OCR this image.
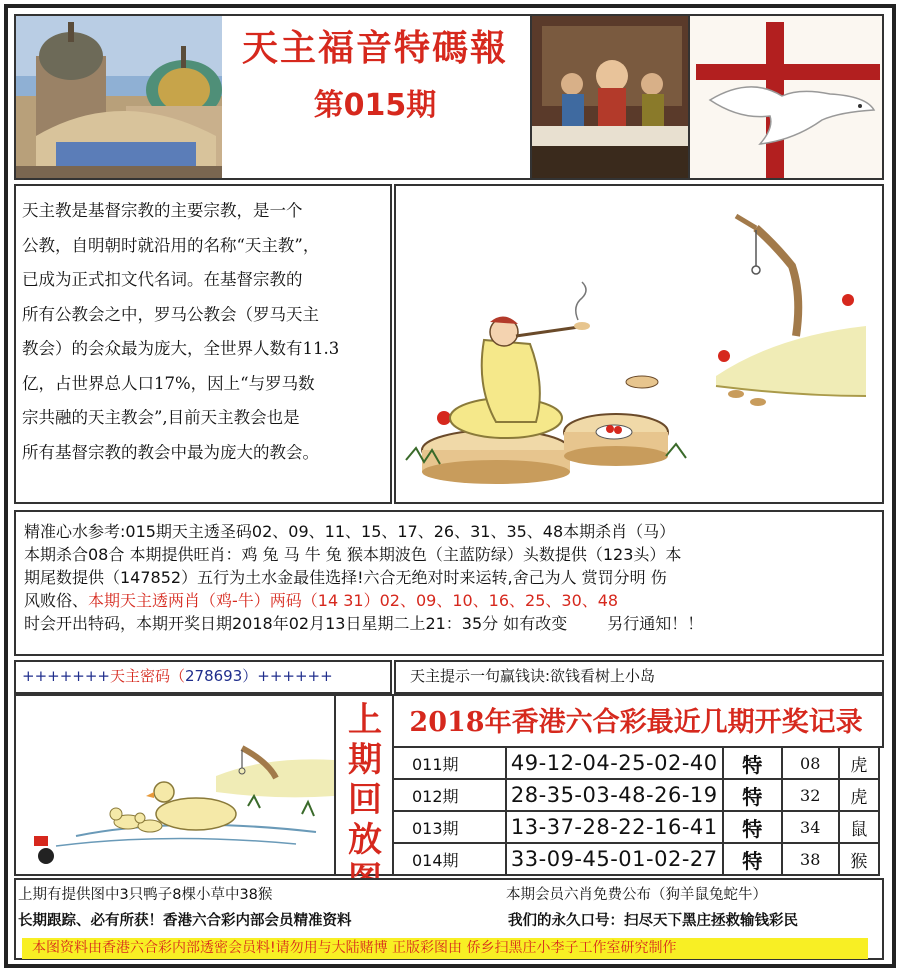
天主福音特碼報
第015期
天主教是基督宗教的主要宗教，是一个
公教，自明朝时就沿用的名称“天主教”，
已成为正式扣文代名词。在基督宗教的
所有公教会之中，罗马公教会（罗马天主
教会）的会众最为庞大，全世界人数有11.3
亿，占世界总人口17%，因上“与罗马数
宗共融的天主教会”,目前天主教会也是
所有基督宗教的教会中最为庞大的教会。
精准心水参考:015期天主透圣码02、09、11、15、17、26、31、35、48本期杀肖（马）
本期杀合08合 本期提供旺肖：鸡 兔 马 牛 兔 猴本期波色（主蓝防绿）头数提供（123头）本
期尾数提供（147852）五行为土水金最佳选择!六合无绝对时来运转,舍己为人 赏罚分明 伤
风败俗、本期天主透两肖（鸡-牛）两码（14 31）02、09、10、16、25、30、48
时会开出特码，本期开奖日期2018年02月13日星期二上21：35分 如有改变	另行通知！！
+++++++天主密码（278693）++++++	天主提示一句赢钱诀:欲钱看树上小岛
上
期
回
放
2018年香港六合彩最近几期开奖记录
011期	49-12-04-25-02-40	特	08	虎
012期	28-35-03-48-26-19	特	32	虎
013期	13-37-28-22-16-41	特	34	鼠
014期	33-09-45-01-02-27	特	38	猴
上期有提供图中3只鸭子8棵小草中38猴	本期会员六肖免费公布（狗羊鼠兔蛇牛）
长期跟踪、必有所获！香港六合彩内部会员精准资料	我们的永久口号：扫尽天下黑庄拯救输钱彩民
本图资料由香港六合彩内部透密会员料!请勿用与大陆赌博 正版彩图由 侨乡扫黑庄小李子工作室研究制作
